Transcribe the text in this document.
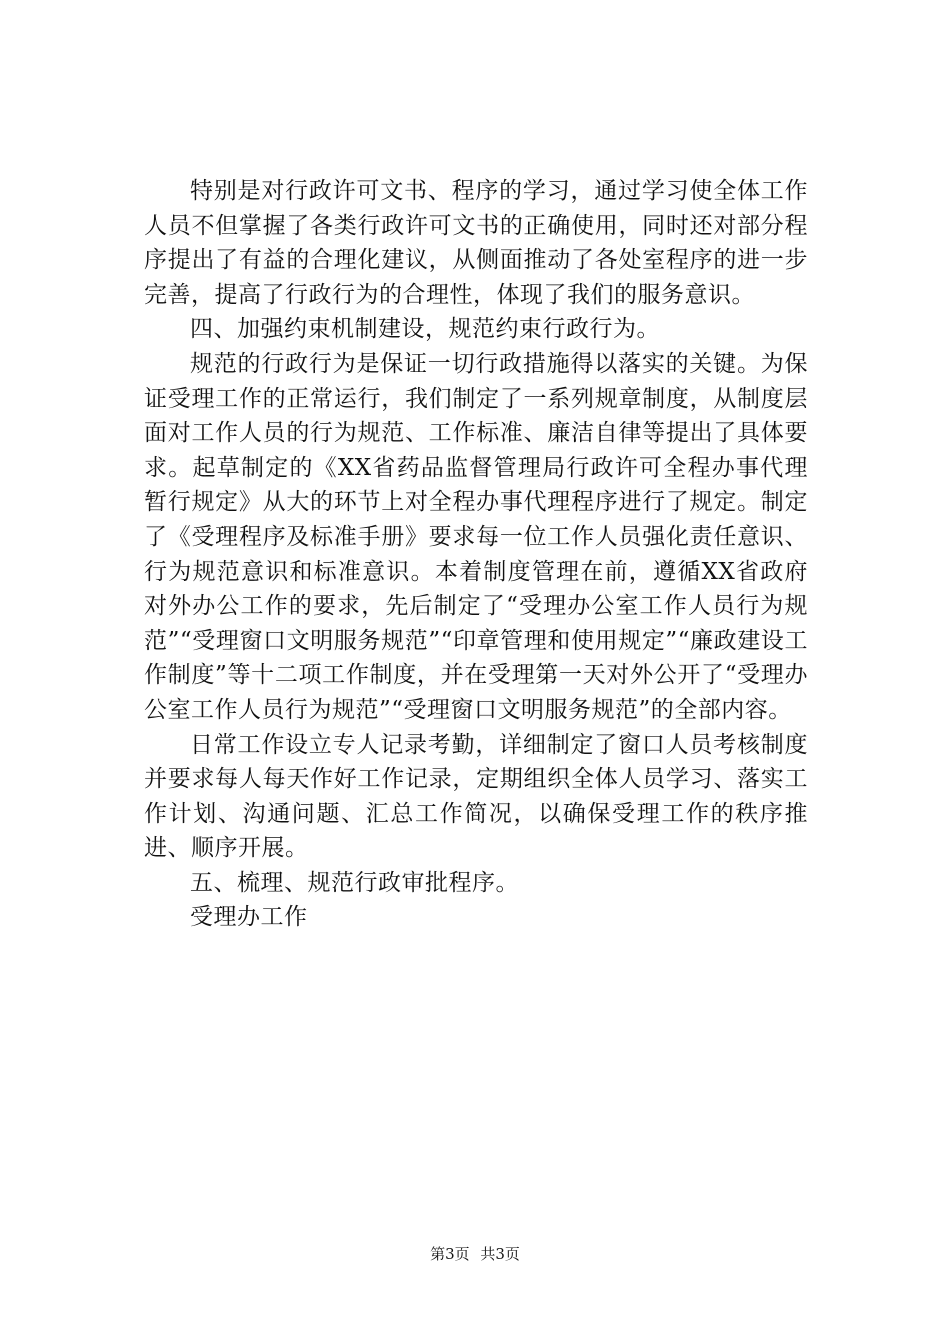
特别是对行政许可文书、程序的学习，通过学习使全体工作人员不但掌握了各类行政许可文书的正确使用，同时还对部分程序提出了有益的合理化建议，从侧面推动了各处室程序的进一步完善，提高了行政行为的合理性，体现了我们的服务意识。

四、加强约束机制建设，规范约束行政行为。

规范的行政行为是保证一切行政措施得以落实的关键。为保证受理工作的正常运行，我们制定了一系列规章制度，从制度层面对工作人员的行为规范、工作标准、廉洁自律等提出了具体要求。起草制定的《XX省药品监督管理局行政许可全程办事代理暂行规定》从大的环节上对全程办事代理程序进行了规定。制定了《受理程序及标准手册》要求每一位工作人员强化责任意识、行为规范意识和标准意识。本着制度管理在前，遵循XX省政府对外办公工作的要求，先后制定了“受理办公室工作人员行为规范”“受理窗口文明服务规范”“印章管理和使用规定”“廉政建设工作制度”等十二项工作制度，并在受理第一天对外公开了“受理办公室工作人员行为规范”“受理窗口文明服务规范”的全部内容。

日常工作设立专人记录考勤，详细制定了窗口人员考核制度并要求每人每天作好工作记录，定期组织全体人员学习、落实工作计划、沟通问题、汇总工作简况，以确保受理工作的秩序推进、顺序开展。

五、梳理、规范行政审批程序。

受理办工作

第3页 共3页
